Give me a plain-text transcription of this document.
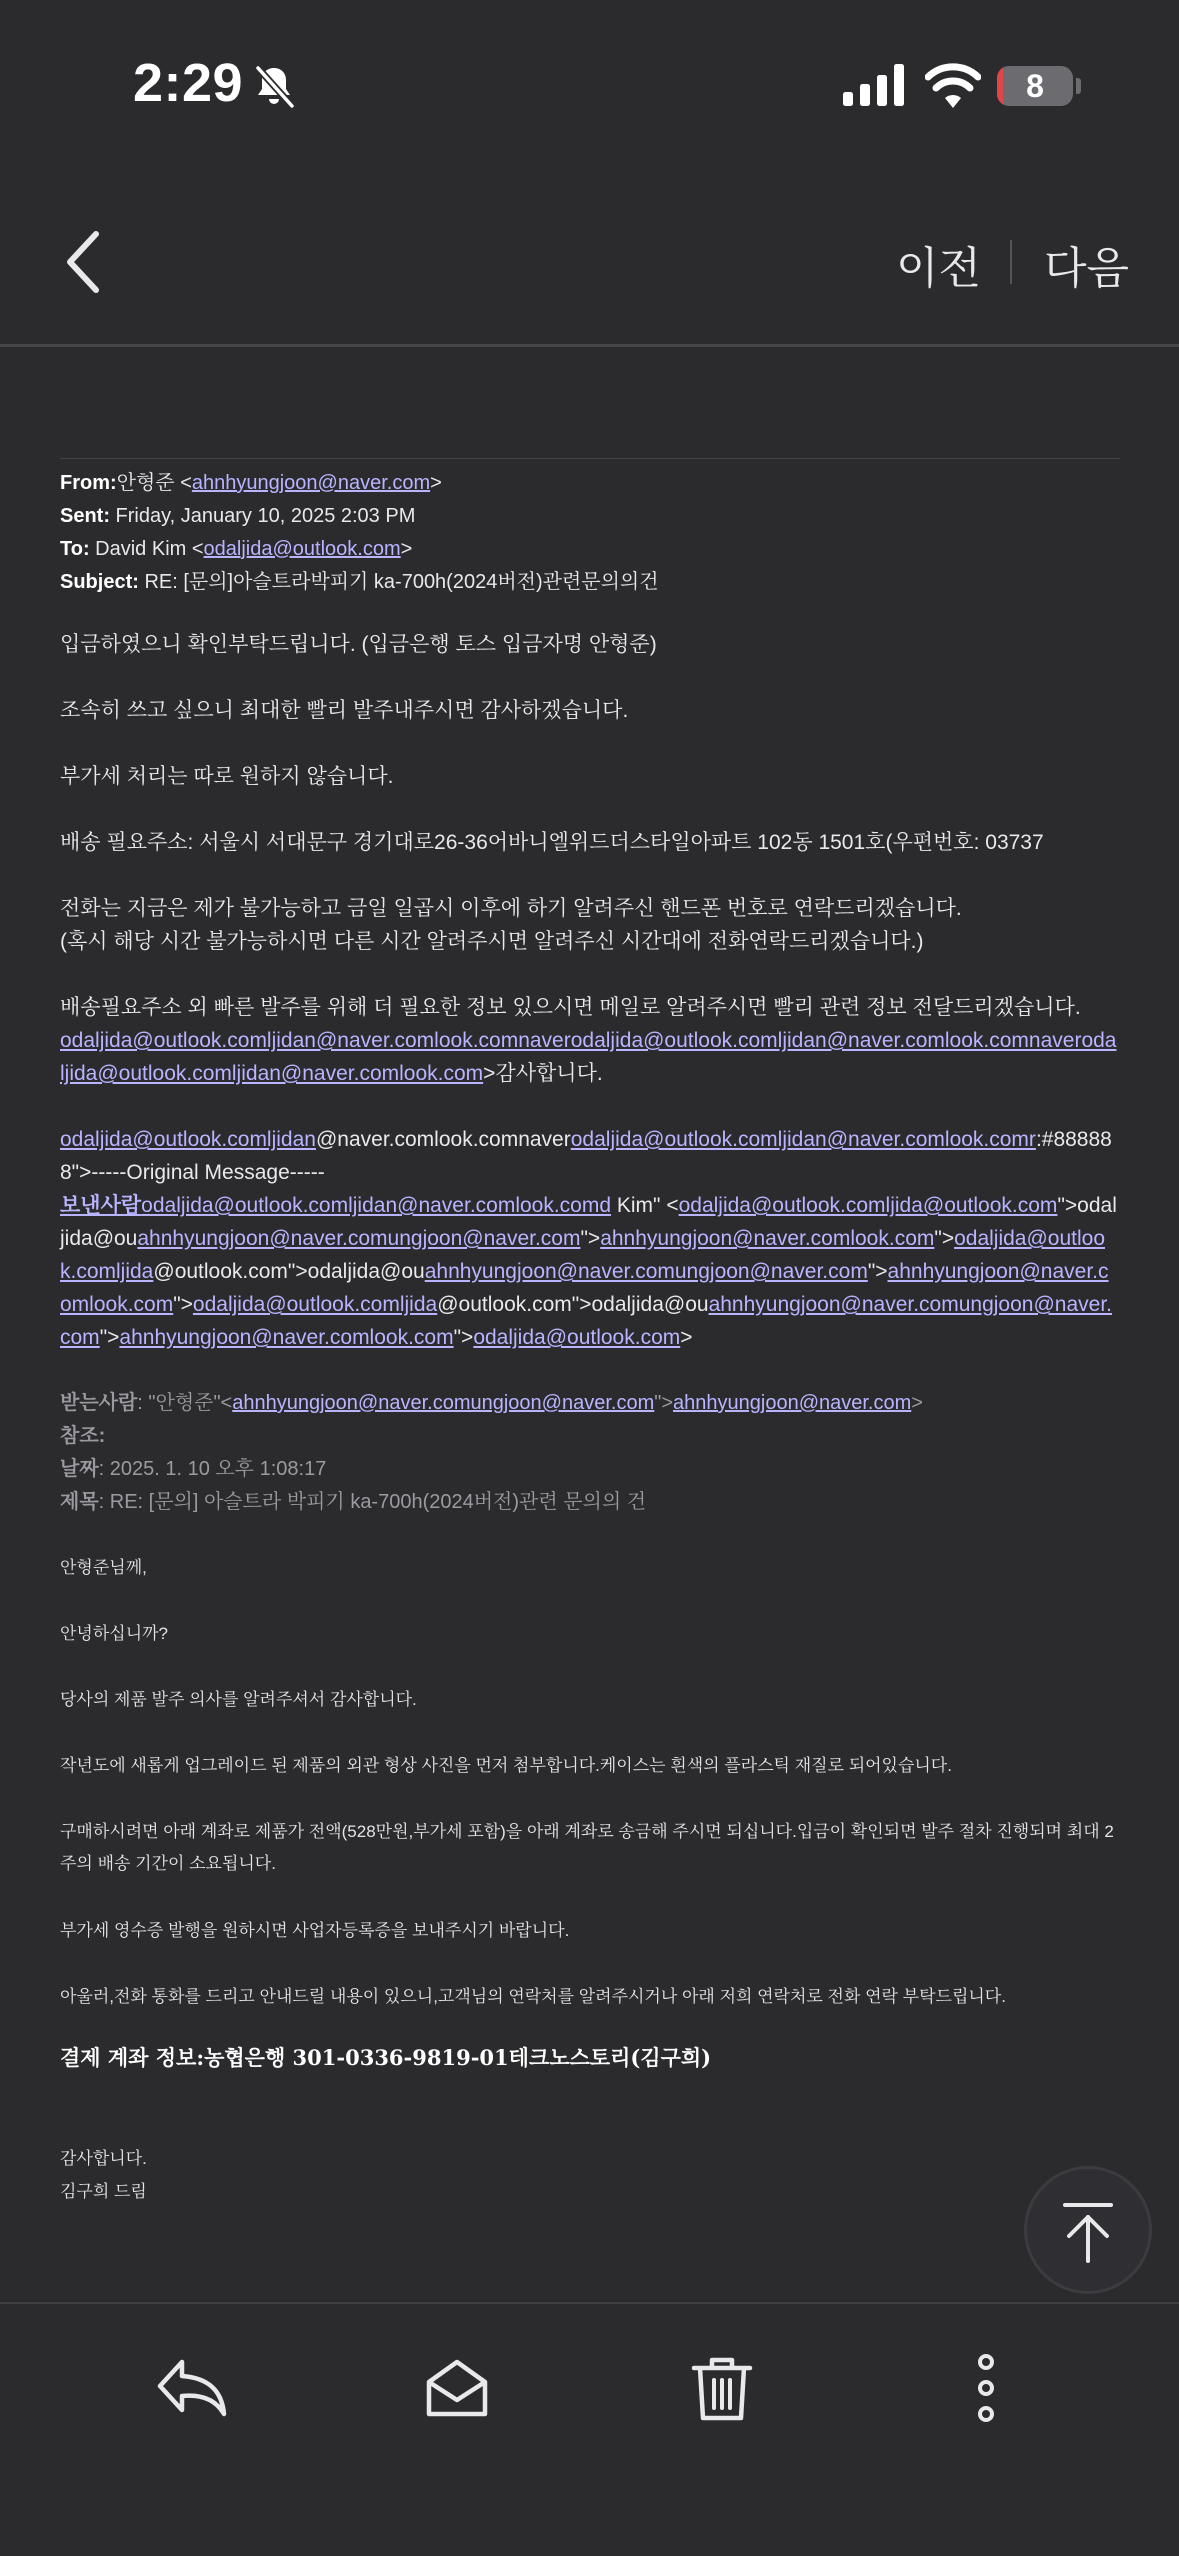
2:29	8
이전 다음
From:안형준 <ahnhyungjoon@naver.com>
Sent: Friday, January 10, 2025 2:03 PM
To: David Kim <odaljida@outlook.com>
Subject: RE: [문의]아슬트라박피기 ka-700h(2024버전)관련문의의건
입금하였으니 확인부탁드립니다. (입금은행 토스 입금자명 안형준)
조속히 쓰고 싶으니 최대한 빨리 발주내주시면 감사하겠습니다.
부가세 처리는 따로 원하지 않습니다.
배송 필요주소: 서울시 서대문구 경기대로26-36어바니엘위드더스타일아파트 102동 1501호(우편번호: 03737
전화는 지금은 제가 불가능하고 금일 일곱시 이후에 하기 알려주신 핸드폰 번호로 연락드리겠습니다.
(혹시 해당 시간 불가능하시면 다른 시간 알려주시면 알려주신 시간대에 전화연락드리겠습니다.)
배송필요주소 외 빠른 발주를 위해 더 필요한 정보 있으시면 메일로 알려주시면 빨리 관련 정보 전달드리겠습니다.
odaljida@outlook.comljidan@naver.comlook.comnaverodaljida@outlook.comljidan@naver.comlook.comnaverodaljida@outlook.comljidan@naver.comlook.com>감사합니다.
odaljida@outlook.comljidan@naver.comlook.comnaverodaljida@outlook.comljidan@naver.comlook.comr:#888888">-----Original Message-----
보낸사람odaljida@outlook.comljidan@naver.comlook.comd Kim" <odaljida@outlook.comljida@outlook.com">odaljida@ouahnhyungjoon@naver.comungjoon@naver.com">ahnhyungjoon@naver.comlook.com">odaljida@outlook.comljida@outlook.com">odaljida@ouahnhyungjoon@naver.comungjoon@naver.com">ahnhyungjoon@naver.comlook.com">odaljida@outlook.comljida@outlook.com">odaljida@ouahnhyungjoon@naver.comungjoon@naver.com">ahnhyungjoon@naver.comlook.com">odaljida@outlook.com>
받는사람: "안형준"<ahnhyungjoon@naver.comungjoon@naver.com">ahnhyungjoon@naver.com>
참조:
날짜: 2025. 1. 10 오후 1:08:17
제목: RE: [문의] 아슬트라 박피기 ka-700h(2024버전)관련 문의의 건
안형준님께,
안녕하십니까?
당사의 제품 발주 의사를 알려주셔서 감사합니다.
작년도에 새롭게 업그레이드 된 제품의 외관 형상 사진을 먼저 첨부합니다.케이스는 흰색의 플라스틱 재질로 되어있습니다.
구매하시려면 아래 계좌로 제품가 전액(528만원,부가세 포함)을 아래 계좌로 송금해 주시면 되십니다.입금이 확인되면 발주 절차 진행되며 최대 2주의 배송 기간이 소요됩니다.
부가세 영수증 발행을 원하시면 사업자등록증을 보내주시기 바랍니다.
아울러,전화 통화를 드리고 안내드릴 내용이 있으니,고객님의 연락처를 알려주시거나 아래 저희 연락처로 전화 연락 부탁드립니다.
결제 계좌 정보:농협은행 301-0336-9819-01테크노스토리(김구희)
감사합니다.
김구희 드림
